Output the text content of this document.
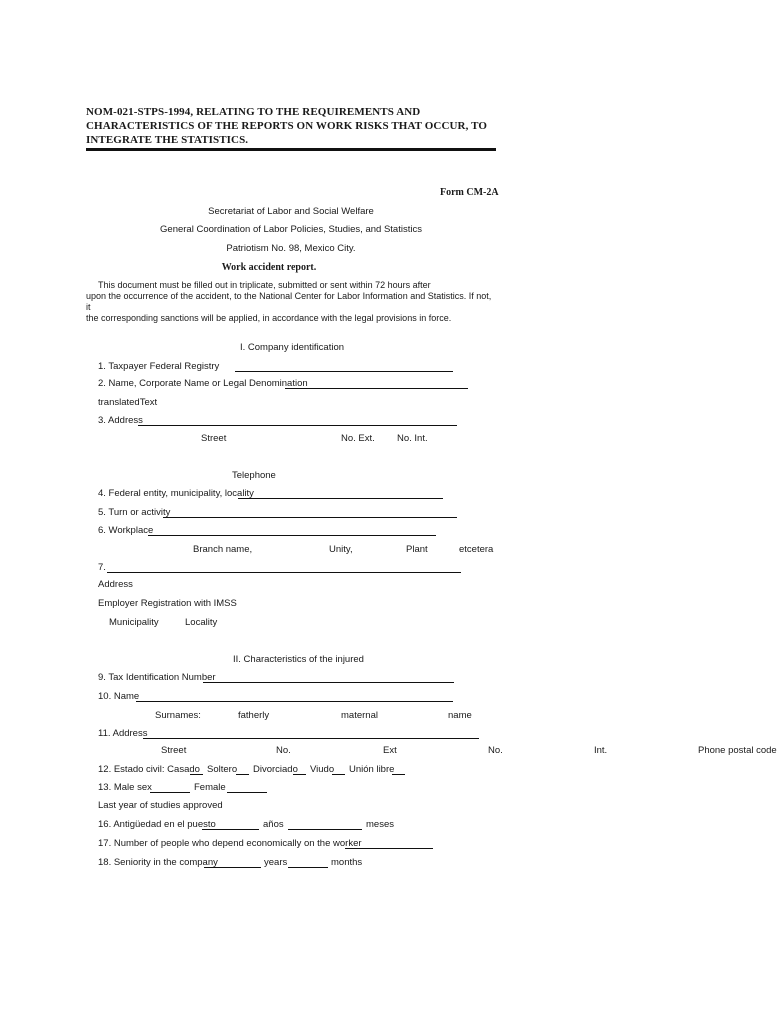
NOM-021-STPS-1994, RELATING TO THE REQUIREMENTS AND CHARACTERISTICS OF THE REPORTS ON WORK RISKS THAT OCCUR, TO INTEGRATE THE STATISTICS.
Form CM-2A
Secretariat of Labor and Social Welfare
General Coordination of Labor Policies, Studies, and Statistics
Patriotism No. 98, Mexico City.
Work accident report.
This document must be filled out in triplicate, submitted or sent within 72 hours after
upon the occurrence of the accident, to the National Center for Labor Information and Statistics. If not, it
the corresponding sanctions will be applied, in accordance with the legal provisions in force.
I. Company identification
1. Taxpayer Federal Registry
2. Name, Corporate Name or Legal Denomination
translatedText
3. Address
Street	No. Ext. No. Int.
Telephone
4. Federal entity, municipality, locality
5. Turn or activity
6. Workplace
Branch name,	Unity,	Plant	etcetera
7.
Address
Employer Registration with IMSS
Municipality	Locality
II. Characteristics of the injured
9. Tax Identification Number
10. Name
Surnames:	fatherly	maternal	name
11. Address
Street	No.	Ext	No.	Int.	Phone postal code
12. Estado civil: Casado Soltero Divorciado Viudo Unión libre
13. Male sex	Female
Last year of studies approved
16. Antigüedad en el puesto	años	meses
17. Number of people who depend economically on the worker
18. Seniority in the company	years	months
